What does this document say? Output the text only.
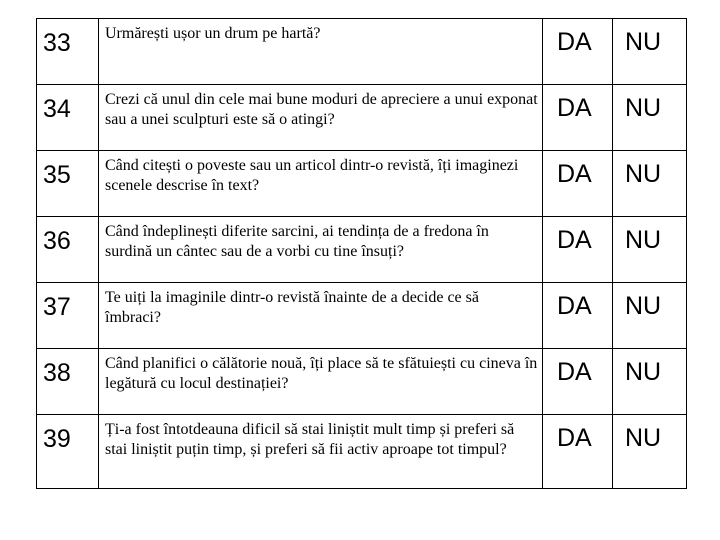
33	Urmărești ușor un drum pe hartă?	DA	NU
34	Crezi că unul din cele mai bune moduri de apreciere a unui exponat sau a unei sculpturi este să o atingi?	DA	NU
35	Când citești o poveste sau un articol dintr-o revistă, îți imaginezi scenele descrise în text?	DA	NU
36	Când îndeplinești diferite sarcini, ai tendința de a fredona în surdină un cântec sau de a vorbi cu tine însuți?	DA	NU
37	Te uiți la imaginile dintr-o revistă înainte de a decide ce să îmbraci?	DA	NU
38	Când planifici o călătorie nouă, îți place să te sfătuiești cu cineva în legătură cu locul destinației?	DA	NU
39	Ți-a fost întotdeauna dificil să stai liniștit mult timp și preferi să stai liniștit puțin timp, și preferi să fii activ aproape tot timpul?	DA	NU
